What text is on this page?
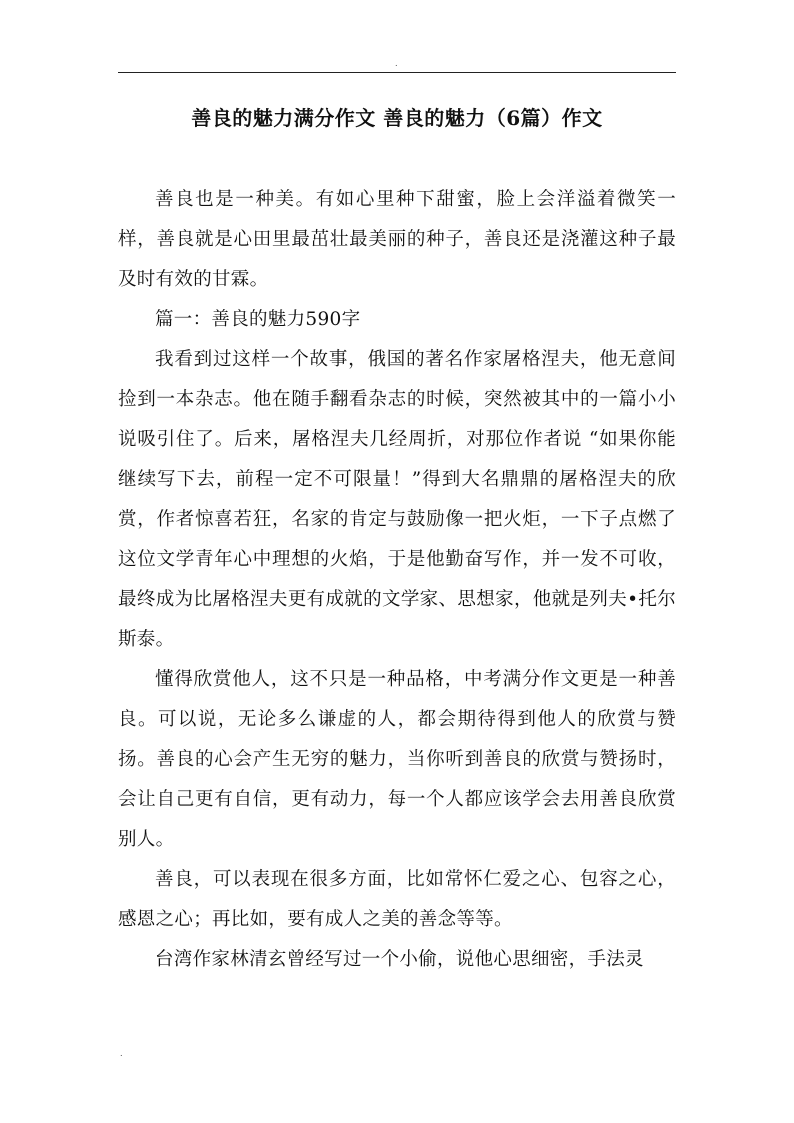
.
善良的魅力满分作文 善良的魅力（6篇）作文

善良也是一种美。有如心里种下甜蜜，脸上会洋溢着微笑一样，善良就是心田里最茁壮最美丽的种子，善良还是浇灌这种子最及时有效的甘霖。

篇一：善良的魅力590字

我看到过这样一个故事，俄国的著名作家屠格涅夫，他无意间捡到一本杂志。他在随手翻看杂志的时候，突然被其中的一篇小小说吸引住了。后来，屠格涅夫几经周折，对那位作者说 “如果你能继续写下去，前程一定不可限量！”得到大名鼎鼎的屠格涅夫的欣赏，作者惊喜若狂，名家的肯定与鼓励像一把火炬，一下子点燃了这位文学青年心中理想的火焰，于是他勤奋写作，并一发不可收，最终成为比屠格涅夫更有成就的文学家、思想家，他就是列夫•托尔斯泰。

懂得欣赏他人，这不只是一种品格，中考满分作文更是一种善良。可以说，无论多么谦虚的人，都会期待得到他人的欣赏与赞扬。善良的心会产生无穷的魅力，当你听到善良的欣赏与赞扬时，会让自己更有自信，更有动力，每一个人都应该学会去用善良欣赏别人。

善良，可以表现在很多方面，比如常怀仁爱之心、包容之心，感恩之心；再比如，要有成人之美的善念等等。

台湾作家林清玄曾经写过一个小偷，说他心思细密，手法灵

.
